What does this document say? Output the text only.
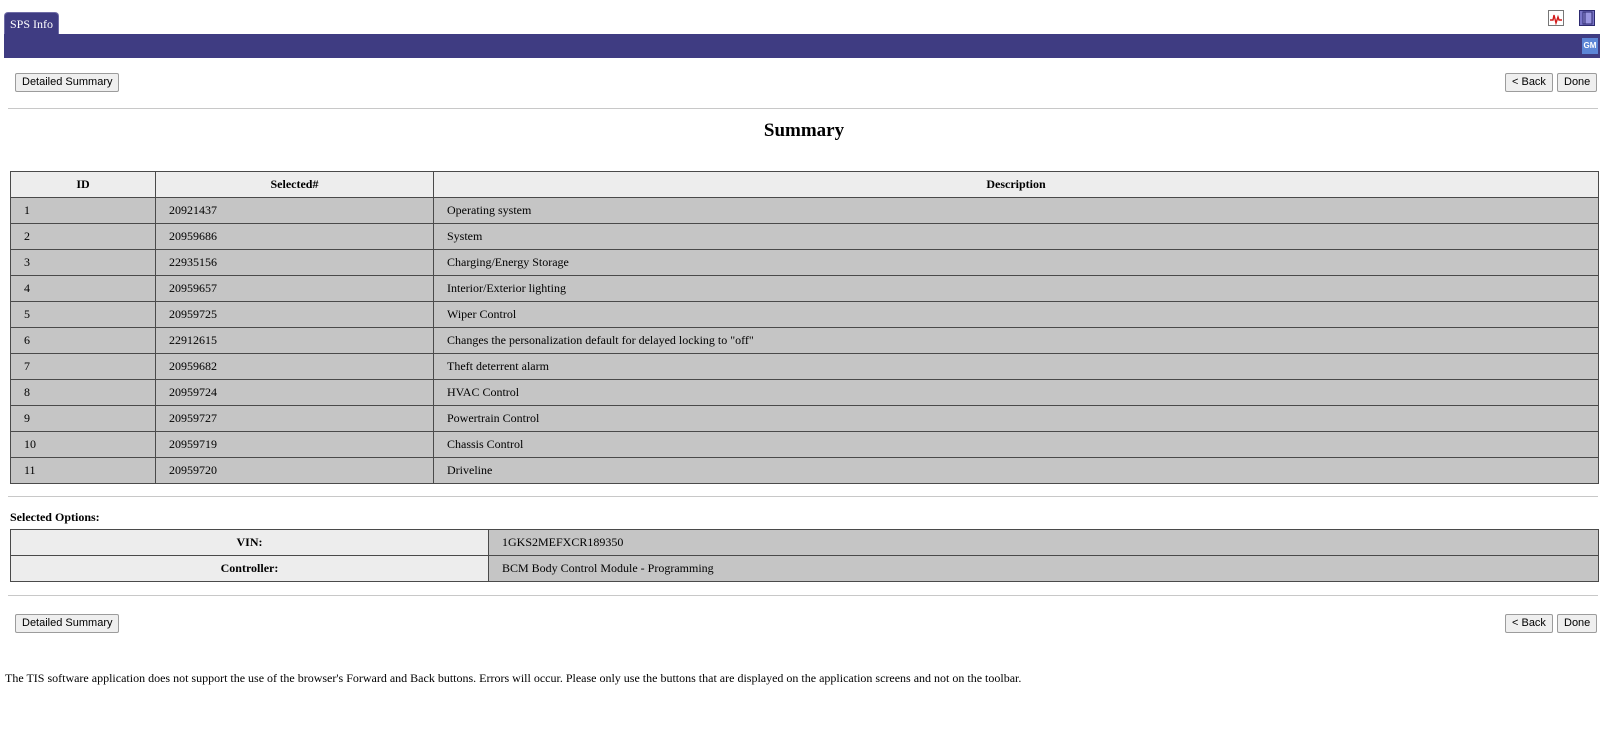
SPS Info
GM
Detailed Summary	< Back	Done
Summary
ID	Selected#	Description
1	20921437	Operating system
2	20959686	System
3	22935156	Charging/Energy Storage
4	20959657	Interior/Exterior lighting
5	20959725	Wiper Control
6	22912615	Changes the personalization default for delayed locking to "off"
7	20959682	Theft deterrent alarm
8	20959724	HVAC Control
9	20959727	Powertrain Control
10	20959719	Chassis Control
11	20959720	Driveline
Selected Options:
VIN:	1GKS2MEFXCR189350
Controller:	BCM Body Control Module - Programming
Detailed Summary	< Back	Done
The TIS software application does not support the use of the browser's Forward and Back buttons. Errors will occur. Please only use the buttons that are displayed on the application screens and not on the toolbar.
